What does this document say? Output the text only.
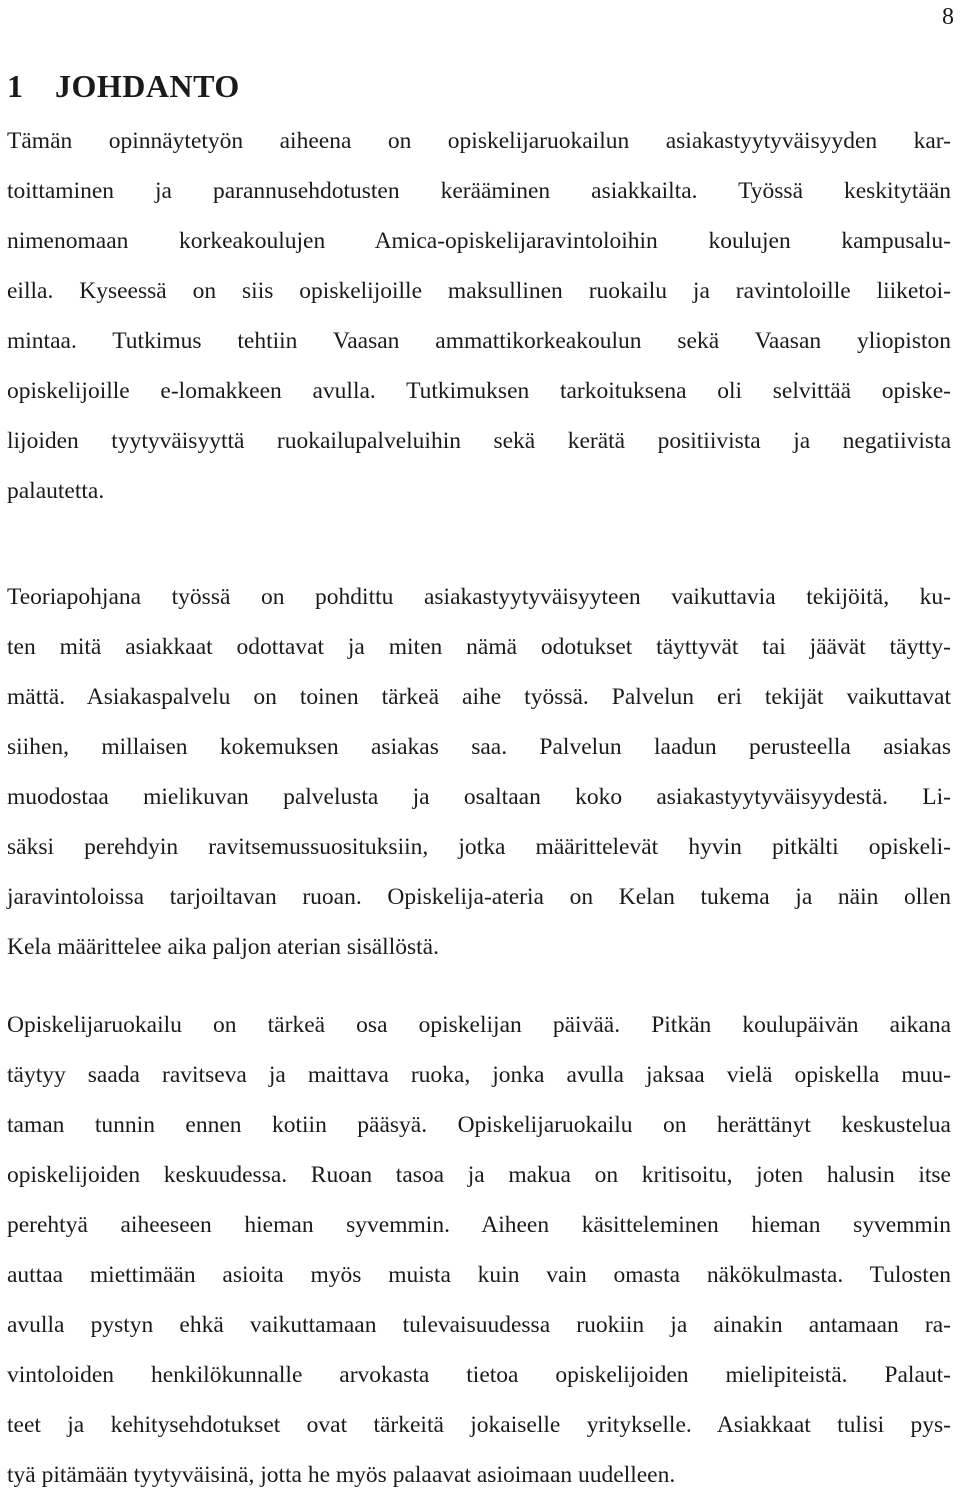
8
1 JOHDANTO
Tämän opinnäytetyön aiheena on opiskelijaruokailun asiakastyytyväisyyden kar-
toittaminen ja parannusehdotusten kerääminen asiakkailta. Työssä keskitytään
nimenomaan korkeakoulujen Amica-opiskelijaravintoloihin koulujen kampusalu-
eilla. Kyseessä on siis opiskelijoille maksullinen ruokailu ja ravintoloille liiketoi-
mintaa. Tutkimus tehtiin Vaasan ammattikorkeakoulun sekä Vaasan yliopiston
opiskelijoille e-lomakkeen avulla. Tutkimuksen tarkoituksena oli selvittää opiske-
lijoiden tyytyväisyyttä ruokailupalveluihin sekä kerätä positiivista ja negatiivista
palautetta.
Teoriapohjana työssä on pohdittu asiakastyytyväisyyteen vaikuttavia tekijöitä, ku-
ten mitä asiakkaat odottavat ja miten nämä odotukset täyttyvät tai jäävät täytty-
mättä. Asiakaspalvelu on toinen tärkeä aihe työssä. Palvelun eri tekijät vaikuttavat
siihen, millaisen kokemuksen asiakas saa. Palvelun laadun perusteella asiakas
muodostaa mielikuvan palvelusta ja osaltaan koko asiakastyytyväisyydestä. Li-
säksi perehdyin ravitsemussuosituksiin, jotka määrittelevät hyvin pitkälti opiskeli-
jaravintoloissa tarjoiltavan ruoan. Opiskelija-ateria on Kelan tukema ja näin ollen
Kela määrittelee aika paljon aterian sisällöstä.
Opiskelijaruokailu on tärkeä osa opiskelijan päivää. Pitkän koulupäivän aikana
täytyy saada ravitseva ja maittava ruoka, jonka avulla jaksaa vielä opiskella muu-
taman tunnin ennen kotiin pääsyä. Opiskelijaruokailu on herättänyt keskustelua
opiskelijoiden keskuudessa. Ruoan tasoa ja makua on kritisoitu, joten halusin itse
perehtyä aiheeseen hieman syvemmin. Aiheen käsitteleminen hieman syvemmin
auttaa miettimään asioita myös muista kuin vain omasta näkökulmasta. Tulosten
avulla pystyn ehkä vaikuttamaan tulevaisuudessa ruokiin ja ainakin antamaan ra-
vintoloiden henkilökunnalle arvokasta tietoa opiskelijoiden mielipiteistä. Palaut-
teet ja kehitysehdotukset ovat tärkeitä jokaiselle yritykselle. Asiakkaat tulisi pys-
tyä pitämään tyytyväisinä, jotta he myös palaavat asioimaan uudelleen.
